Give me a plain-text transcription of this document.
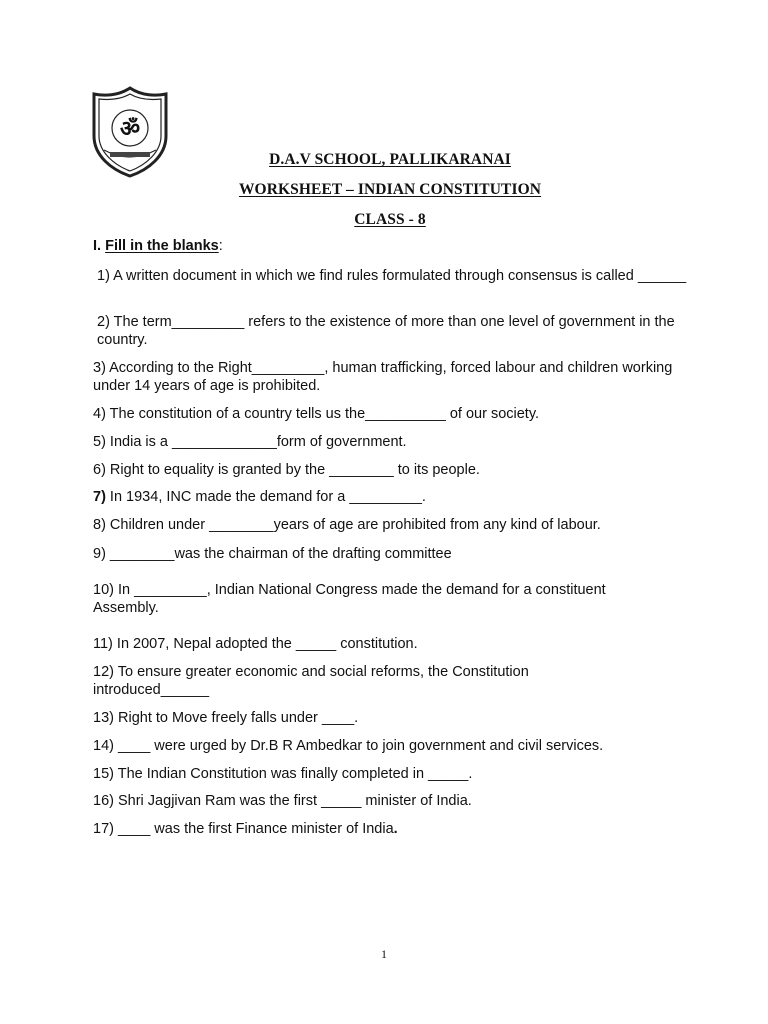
ॐ
D.A.V SCHOOL, PALLIKARANAI
WORKSHEET – INDIAN CONSTITUTION
CLASS - 8
I. Fill in the blanks:
1) A written document in which we find rules formulated through consensus is called ______
2) The term_________ refers to the existence of more than one level of government in the country.
3) According to the Right_________, human trafficking, forced labour and children working under 14 years of age is prohibited.
4) The constitution of a country tells us the__________ of our society.
5) India is a _____________form of government.
6) Right to equality is granted by the ________ to its people.
7) In 1934, INC made the demand for a _________.
8) Children under ________years of age are prohibited from any kind of labour.
9) ________was the chairman of the drafting committee
10) In _________, Indian National Congress made the demand for a constituent Assembly.
11) In 2007, Nepal adopted the _____ constitution.
12) To ensure greater economic and social reforms, the Constitution introduced______
13) Right to Move freely falls under ____.
14) ____ were urged by Dr.B R Ambedkar to join government and civil services.
15) The Indian Constitution was finally completed in _____.
16) Shri Jagjivan Ram was the first _____ minister of India.
17) ____ was the first Finance minister of India.
1
